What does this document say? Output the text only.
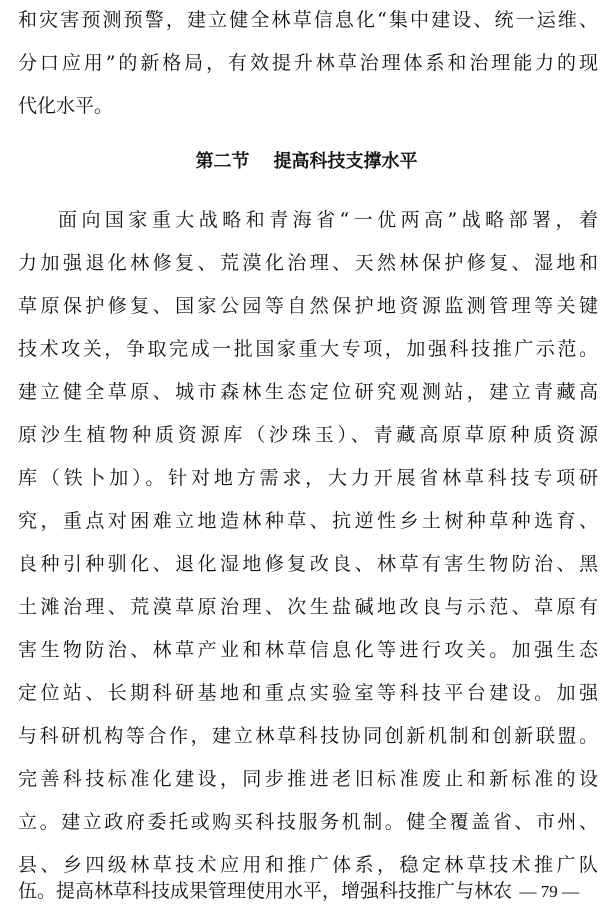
和灾害预测预警，建立健全林草信息化“集中建设、统一运维、
分口应用”的新格局，有效提升林草治理体系和治理能力的现
代化水平。
第二节 提高科技支撑水平
面向国家重大战略和青海省“一优两高”战略部署，着
力加强退化林修复、荒漠化治理、天然林保护修复、湿地和
草原保护修复、国家公园等自然保护地资源监测管理等关键
技术攻关，争取完成一批国家重大专项，加强科技推广示范。
建立健全草原、城市森林生态定位研究观测站，建立青藏高
原沙生植物种质资源库（沙珠玉）、青藏高原草原种质资源
库（铁卜加）。针对地方需求，大力开展省林草科技专项研
究，重点对困难立地造林种草、抗逆性乡土树种草种选育、
良种引种驯化、退化湿地修复改良、林草有害生物防治、黑
土滩治理、荒漠草原治理、次生盐碱地改良与示范、草原有
害生物防治、林草产业和林草信息化等进行攻关。加强生态
定位站、长期科研基地和重点实验室等科技平台建设。加强
与科研机构等合作，建立林草科技协同创新机制和创新联盟。
完善科技标准化建设，同步推进老旧标准废止和新标准的设
立。建立政府委托或购买科技服务机制。健全覆盖省、市州、
县、乡四级林草技术应用和推广体系，稳定林草技术推广队
伍。提高林草科技成果管理使用水平，增强科技推广与林农 — 79 —
